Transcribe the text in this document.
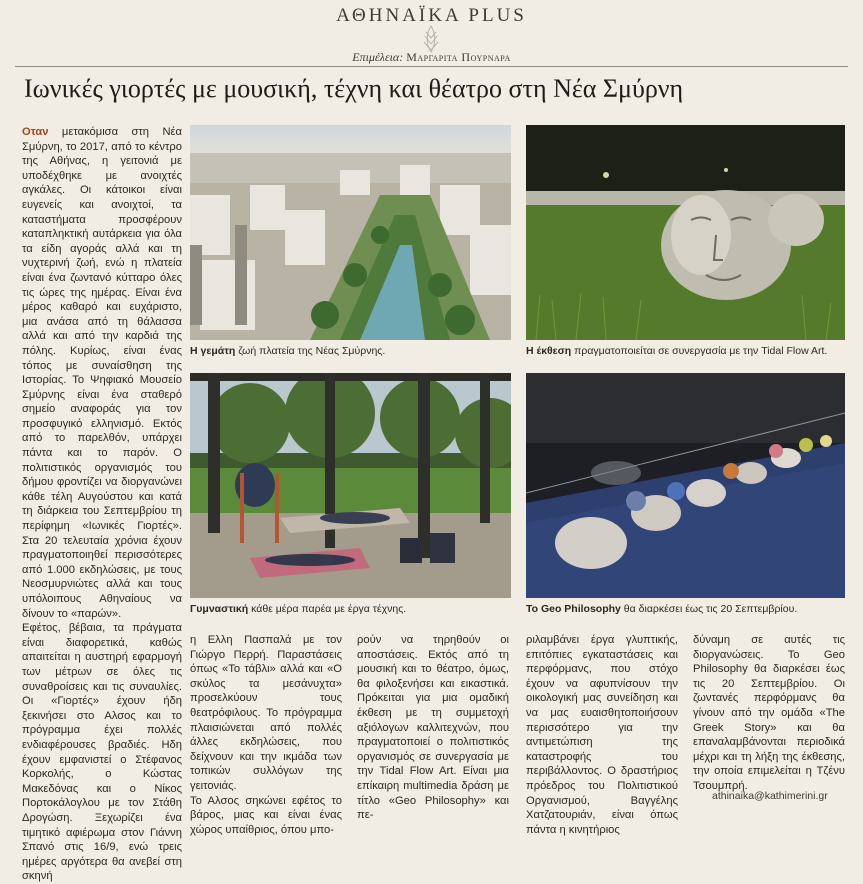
ΑΘΗΝΑΪΚΑ PLUS
Επιμέλεια: Μαργαριτα Πουρναρα
Ιωνικές γιορτές με μουσική, τέχνη και θέατρο στη Νέα Σμύρνη
Οταν μετακόμισα στη Νέα Σμύρνη, το 2017, από το κέντρο της Αθήνας, η γειτονιά με υποδέχθηκε με ανοιχτές αγκάλες. Οι κάτοικοι είναι ευγενείς και ανοιχτοί, τα καταστήματα προσφέρουν καταπληκτική αυτάρκεια για όλα τα είδη αγοράς αλλά και τη νυχτερινή ζωή, ενώ η πλατεία είναι ένα ζωντανό κύτταρο όλες τις ώρες της ημέρας. Είναι ένα μέρος καθαρό και ευχάριστο, μια ανάσα από τη θάλασσα αλλά και από την καρδιά της πόλης. Κυρίως, είναι ένας τόπος με συναίσθηση της Ιστορίας. Το Ψηφιακό Μουσείο Σμύρνης είναι ένα σταθερό σημείο αναφοράς για τον προσφυγικό ελληνισμό. Εκτός από το παρελθόν, υπάρχει πάντα και το παρόν. Ο πολιτιστικός οργανισμός του δήμου φροντίζει να διοργανώνει κάθε τέλη Αυγούστου και κατά τη διάρκεια του Σεπτεμβρίου τη περίφημη «Ιωνικές Γιορτές». Στα 20 τελευταία χρόνια έχουν πραγματοποιηθεί περισσότερες από 1.000 εκδηλώσεις, με τους Νεοσμυρνιώτες αλλά και τους υπόλοιπους Αθηναίους να δίνουν το «παρών».
Εφέτος, βέβαια, τα πράγματα είναι διαφορετικά, καθώς απαιτείται η αυστηρή εφαρμογή των μέτρων σε όλες τις συναθροίσεις και τις συναυλίες. Οι «Γιορτές» έχουν ήδη ξεκινήσει στο Αλσος και το πρόγραμμα έχει πολλές ενδιαφέρουσες βραδιές. Ηδη έχουν εμφανιστεί ο Στέφανος Κορκολής, ο Κώστας Μακεδόνας και ο Νίκος Πορτοκάλογλου με τον Στάθη Δρογώση. Ξεχωρίζει ένα τιμητικό αφιέρωμα στον Γιάννη Σπανό στις 16/9, ενώ τρεις ημέρες αργότερα θα ανεβεί στη σκηνή
Η γεμάτη ζωή πλατεία της Νέας Σμύρνης.	Η έκθεση πραγματοποιείται σε συνεργασία με την Tidal Flow Art.
Γυμναστική κάθε μέρα παρέα με έργα τέχνης.	Το Geo Philosophy θα διαρκέσει έως τις 20 Σεπτεμβρίου.
η Ελλη Πασπαλά με τον Γιώργο Περρή. Παραστάσεις όπως «Το τάβλι» αλλά και «Ο σκύλος τα μεσάνυχτα» προσελκύουν τους θεατρόφιλους. Το πρόγραμμα πλαισιώνεται από πολλές άλλες εκδηλώσεις, που δείχνουν και την ικμάδα των τοπικών συλλόγων της γειτονιάς.
Το Αλσος σηκώνει εφέτος το βάρος, μιας και είναι ένας χώρος υπαίθριος, όπου μπο-
ρούν να τηρηθούν οι αποστάσεις. Εκτός από τη μουσική και το θέατρο, όμως, θα φιλοξενήσει και εικαστικά. Πρόκειται για μια ομαδική έκθεση με τη συμμετοχή αξιόλογων καλλιτεχνών, που πραγματοποιεί ο πολιτιστικός οργανισμός σε συνεργασία με την Tidal Flow Art. Είναι μια επίκαιρη multimedia δράση με τίτλο «Geo Philosophy» και πε-
ριλαμβάνει έργα γλυπτικής, επιτόπιες εγκαταστάσεις και περφόρμανς, που στόχο έχουν να αφυπνίσουν την οικολογική μας συνείδηση και να μας ευαισθητοποιήσουν περισσότερο για την αντιμετώπιση της καταστροφής του περιβάλλοντος. Ο δραστήριος πρόεδρος του Πολιτιστικού Οργανισμού, Βαγγέλης Χατζατουριάν, είναι όπως πάντα η κινητήριος
δύναμη σε αυτές τις διοργανώσεις. Το Geo Philosophy θα διαρκέσει έως τις 20 Σεπτεμβρίου. Οι ζωντανές περφόρμανς θα γίνουν από την ομάδα «The Greek Story» και θα επαναλαμβάνονται περιοδικά μέχρι και τη λήξη της έκθεσης, την οποία επιμελείται η Τζένυ Τσουμπρή.
athinaika@kathimerini.gr
